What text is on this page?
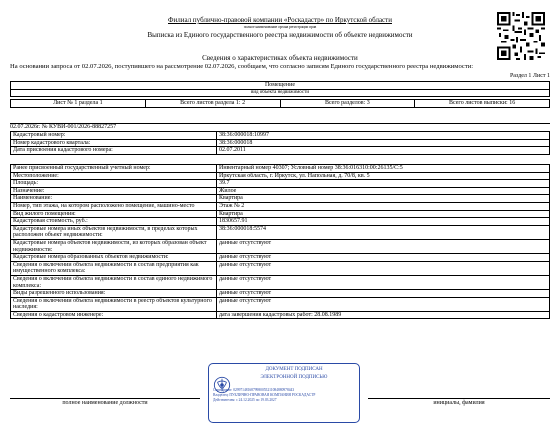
Филиал публично-правовой компании «Роскадастр» по Иркутской области
полное наименование органа регистрации прав
Выписка из Единого государственного реестра недвижимости об объекте недвижимости
Сведения о характеристиках объекта недвижимости
На основании запроса от 02.07.2026, поступившего на рассмотрение 02.07.2026, сообщаем, что согласно записям Единого государственного реестра недвижимости:
Раздел 1 Лист 1
Помещение
вид объекта недвижимости

Лист № 1 раздела 1	Всего листов раздела 1: 2	Всего разделов: 3	Всего листов выписки: 16
02.07.2026г. № КУВИ-001/2026-88827257
Кадастровый номер:	38:36:000018:10997
Номер кадастрового квартала:	38:36:000018
Дата присвоения кадастрового номера:	02.07.2011
Ранее присвоенный государственный учетный номер:	Инвентарный номер 40307; Условный номер 38:36:016310:00:26135/С:5
Местоположение:	Иркутская область, г. Иркутск, ул. Напольная, д. 70/8, кв. 5
Площадь:	39.7
Назначение:	Жилое
Наименование:	Квартира
Номер, тип этажа, на котором расположено помещение, машино-место	Этаж № 2
Вид жилого помещения:	Квартира
Кадастровая стоимость, руб.:	1830657.91
Кадастровые номера иных объектов недвижимости, в пределах которых расположен объект недвижимости:	38:36:000018:5574
Кадастровые номера объектов недвижимости, из которых образован объект недвижимости:	данные отсутствуют
Кадастровые номера образованных объектов недвижимости:	данные отсутствуют
Сведения о включении объекта недвижимости в состав предприятия как имущественного комплекса:	данные отсутствуют
Сведения о включении объекта недвижимости в состав единого недвижимого комплекса:	данные отсутствуют
Виды разрешенного использования:	данные отсутствуют
Сведения о включении объекта недвижимости в реестр объектов культурного наследия:	данные отсутствуют
Сведения о кадастровом инженере:	дата завершения кадастровых работ: 28.08.1989
полное наименование должности	инициалы, фамилия
ДОКУМЕНТ ПОДПИСАН
ЭЛЕКТРОННОЙ ПОДПИСЬЮ
Сертификат: 0299714816879980055211084880978443
Владелец: ПУБЛИЧНО-ПРАВОВАЯ КОМПАНИЯ РОСКАДАСТР
Действителен: с 24.12.2025 по 19.03.2027
